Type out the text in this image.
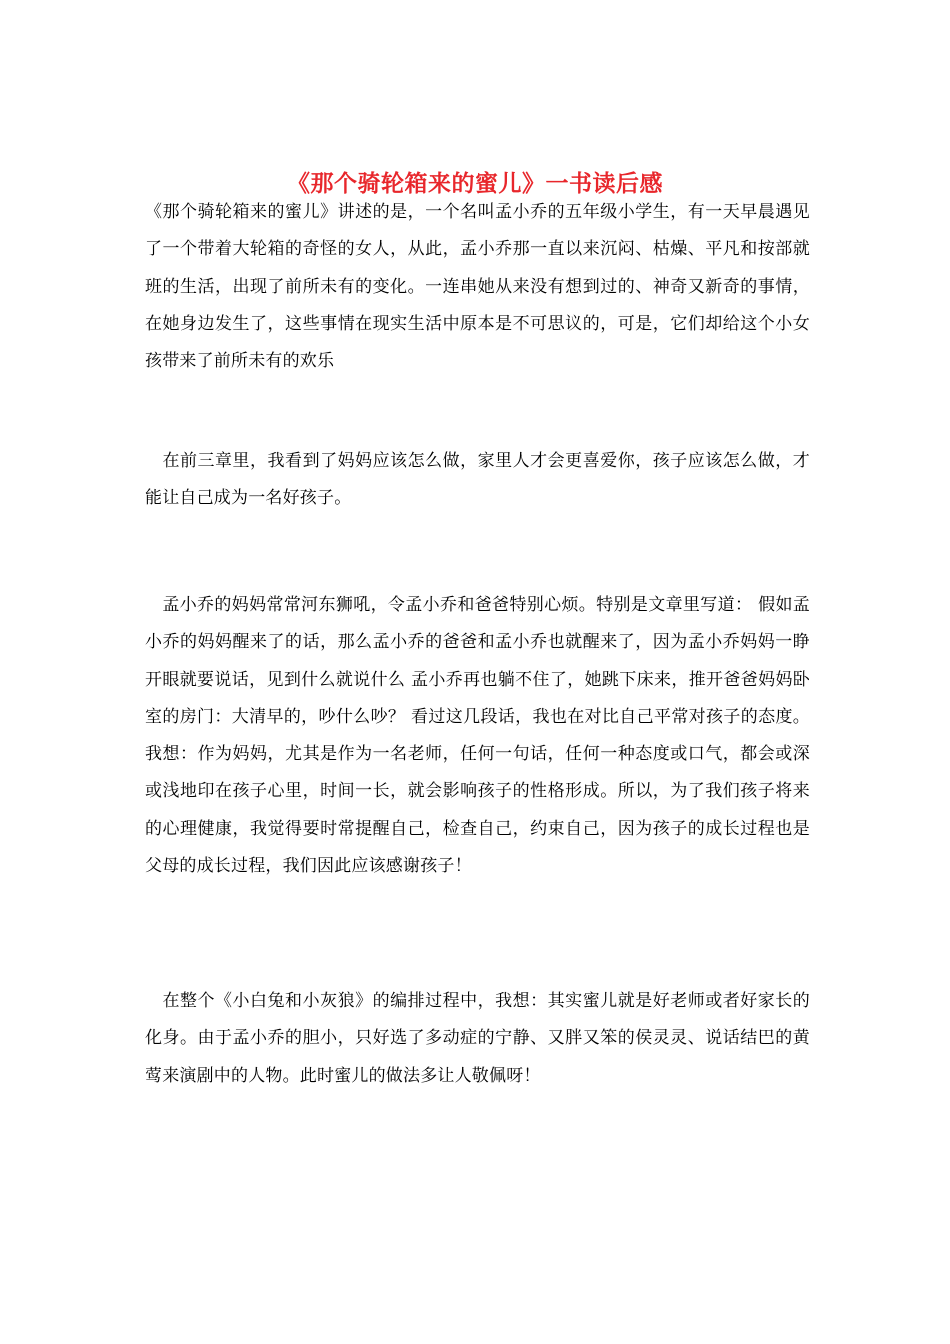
《那个骑轮箱来的蜜儿》一书读后感

《那个骑轮箱来的蜜儿》讲述的是，一个名叫孟小乔的五年级小学生，有一天早晨遇见了一个带着大轮箱的奇怪的女人，从此，孟小乔那一直以来沉闷、枯燥、平凡和按部就班的生活，出现了前所未有的变化。一连串她从来没有想到过的、神奇又新奇的事情，在她身边发生了，这些事情在现实生活中原本是不可思议的，可是，它们却给这个小女孩带来了前所未有的欢乐

　在前三章里，我看到了妈妈应该怎么做，家里人才会更喜爱你，孩子应该怎么做，才能让自己成为一名好孩子。

　孟小乔的妈妈常常河东狮吼，令孟小乔和爸爸特别心烦。特别是文章里写道： 假如孟小乔的妈妈醒来了的话，那么孟小乔的爸爸和孟小乔也就醒来了，因为孟小乔妈妈一睁开眼就要说话，见到什么就说什么 孟小乔再也躺不住了，她跳下床来，推开爸爸妈妈卧室的房门：大清早的，吵什么吵？ 看过这几段话，我也在对比自己平常对孩子的态度。我想：作为妈妈，尤其是作为一名老师，任何一句话，任何一种态度或口气，都会或深或浅地印在孩子心里，时间一长，就会影响孩子的性格形成。所以，为了我们孩子将来的心理健康，我觉得要时常提醒自己，检查自己，约束自己，因为孩子的成长过程也是父母的成长过程，我们因此应该感谢孩子！

　在整个《小白兔和小灰狼》的编排过程中，我想：其实蜜儿就是好老师或者好家长的化身。由于孟小乔的胆小，只好选了多动症的宁静、又胖又笨的侯灵灵、说话结巴的黄莺来演剧中的人物。此时蜜儿的做法多让人敬佩呀！
